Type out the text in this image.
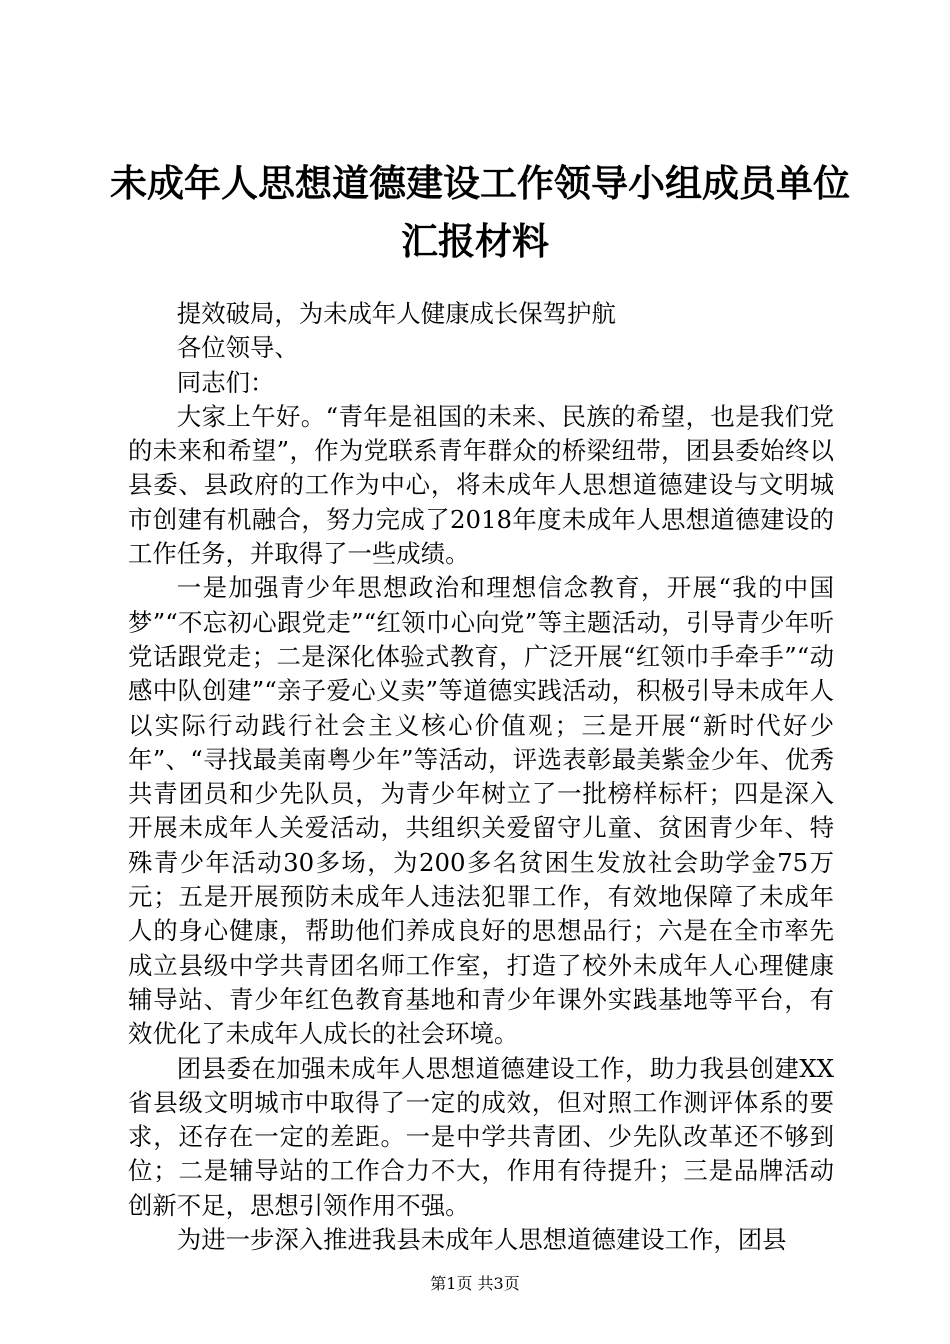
未成年人思想道德建设工作领导小组成员单位
汇报材料

提效破局，为未成年人健康成长保驾护航

各位领导、

同志们：

大家上午好。“青年是祖国的未来、民族的希望，也是我们党的未来和希望”，作为党联系青年群众的桥梁纽带，团县委始终以县委、县政府的工作为中心，将未成年人思想道德建设与文明城市创建有机融合，努力完成了2018年度未成年人思想道德建设的工作任务，并取得了一些成绩。

一是加强青少年思想政治和理想信念教育，开展“我的中国梦”“不忘初心跟党走”“红领巾心向党”等主题活动，引导青少年听党话跟党走；二是深化体验式教育，广泛开展“红领巾手牵手”“动感中队创建”“亲子爱心义卖”等道德实践活动，积极引导未成年人以实际行动践行社会主义核心价值观；三是开展“新时代好少年”、“寻找最美南粤少年”等活动，评选表彰最美紫金少年、优秀共青团员和少先队员，为青少年树立了一批榜样标杆；四是深入开展未成年人关爱活动，共组织关爱留守儿童、贫困青少年、特殊青少年活动30多场，为200多名贫困生发放社会助学金75万元；五是开展预防未成年人违法犯罪工作，有效地保障了未成年人的身心健康，帮助他们养成良好的思想品行；六是在全市率先成立县级中学共青团名师工作室，打造了校外未成年人心理健康辅导站、青少年红色教育基地和青少年课外实践基地等平台，有效优化了未成年人成长的社会环境。

团县委在加强未成年人思想道德建设工作，助力我县创建XX省县级文明城市中取得了一定的成效，但对照工作测评体系的要求，还存在一定的差距。一是中学共青团、少先队改革还不够到位；二是辅导站的工作合力不大，作用有待提升；三是品牌活动创新不足，思想引领作用不强。

为进一步深入推进我县未成年人思想道德建设工作，团县

第1页 共3页
